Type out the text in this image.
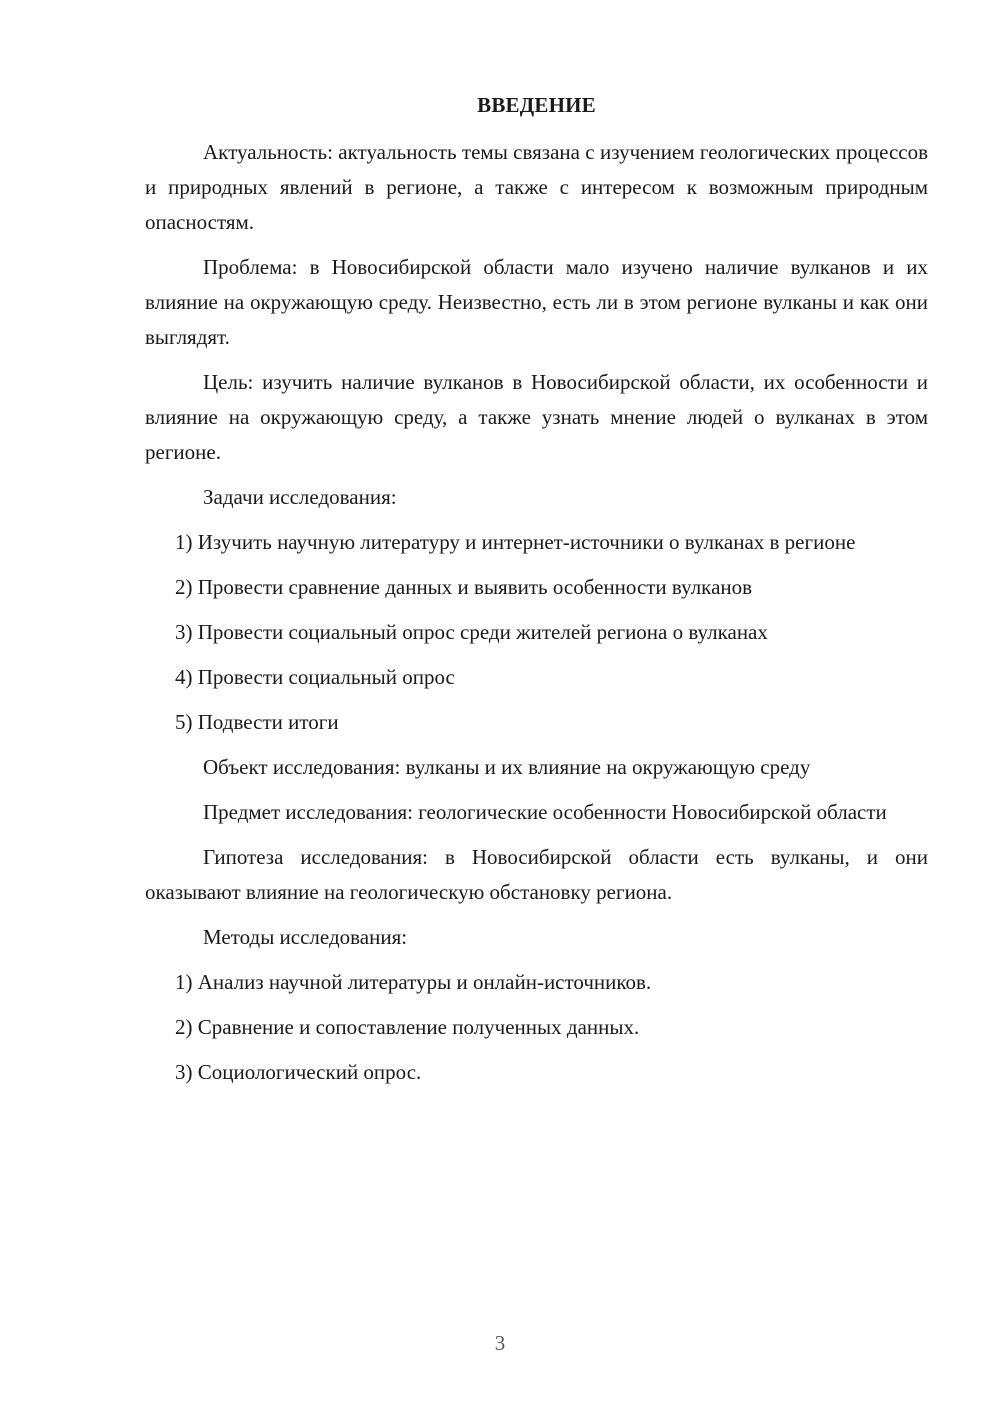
ВВЕДЕНИЕ

Актуальность: актуальность темы связана с изучением геологических процессов и природных явлений в регионе, а также с интересом к возможным природным опасностям.

Проблема: в Новосибирской области мало изучено наличие вулканов и их влияние на окружающую среду. Неизвестно, есть ли в этом регионе вулканы и как они выглядят.

Цель: изучить наличие вулканов в Новосибирской области, их особенности и влияние на окружающую среду, а также узнать мнение людей о вулканах в этом регионе.

Задачи исследования:

1) Изучить научную литературу и интернет-источники о вулканах в регионе

2) Провести сравнение данных и выявить особенности вулканов

3) Провести социальный опрос среди жителей региона о вулканах

4) Провести социальный опрос

5) Подвести итоги

Объект исследования: вулканы и их влияние на окружающую среду

Предмет исследования: геологические особенности Новосибирской области

Гипотеза исследования: в Новосибирской области есть вулканы, и они оказывают влияние на геологическую обстановку региона.

Методы исследования:

1) Анализ научной литературы и онлайн-источников.

2) Сравнение и сопоставление полученных данных.

3) Социологический опрос.

3
